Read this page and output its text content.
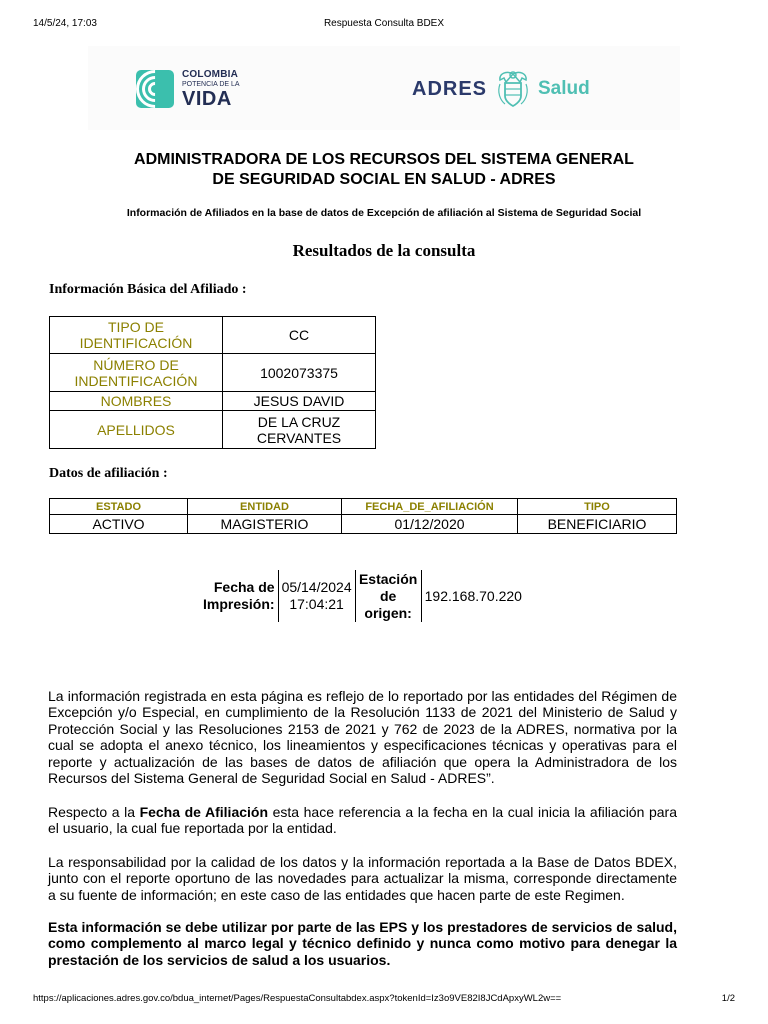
14/5/24, 17:03	Respuesta Consulta BDEX
COLOMBIA
POTENCIA DE LA
VIDA	ADRES	Salud
ADMINISTRADORA DE LOS RECURSOS DEL SISTEMA GENERAL
DE SEGURIDAD SOCIAL EN SALUD - ADRES
Información de Afiliados en la base de datos de Excepción de afiliación al Sistema de Seguridad Social
Resultados de la consulta
Información Básica del Afiliado :
TIPO DE IDENTIFICACIÓN	CC
NÚMERO DE INDENTIFICACIÓN	1002073375
NOMBRES	JESUS DAVID
APELLIDOS	DE LA CRUZ CERVANTES
Datos de afiliación :
ESTADO	ENTIDAD	FECHA_DE_AFILIACIÓN	TIPO
ACTIVO	MAGISTERIO	01/12/2020	BENEFICIARIO
Fecha de Impresión:	05/14/2024 17:04:21	Estación de origen:	192.168.70.220

La información registrada en esta página es reflejo de lo reportado por las entidades del Régimen de Excepción y/o Especial, en cumplimiento de la Resolución 1133 de 2021 del Ministerio de Salud y Protección Social y las Resoluciones 2153 de 2021 y 762 de 2023 de la ADRES, normativa por la cual se adopta el anexo técnico, los lineamientos y especificaciones técnicas y operativas para el reporte y actualización de las bases de datos de afiliación que opera la Administradora de los Recursos del Sistema General de Seguridad Social en Salud - ADRES”.

Respecto a la Fecha de Afiliación esta hace referencia a la fecha en la cual inicia la afiliación para el usuario, la cual fue reportada por la entidad.

La responsabilidad por la calidad de los datos y la información reportada a la Base de Datos BDEX, junto con el reporte oportuno de las novedades para actualizar la misma, corresponde directamente a su fuente de información; en este caso de las entidades que hacen parte de este Regimen.

Esta información se debe utilizar por parte de las EPS y los prestadores de servicios de salud, como complemento al marco legal y técnico definido y nunca como motivo para denegar la prestación de los servicios de salud a los usuarios.

https://aplicaciones.adres.gov.co/bdua_internet/Pages/RespuestaConsultabdex.aspx?tokenId=Iz3o9VE82I8JCdApxyWL2w==	1/2
